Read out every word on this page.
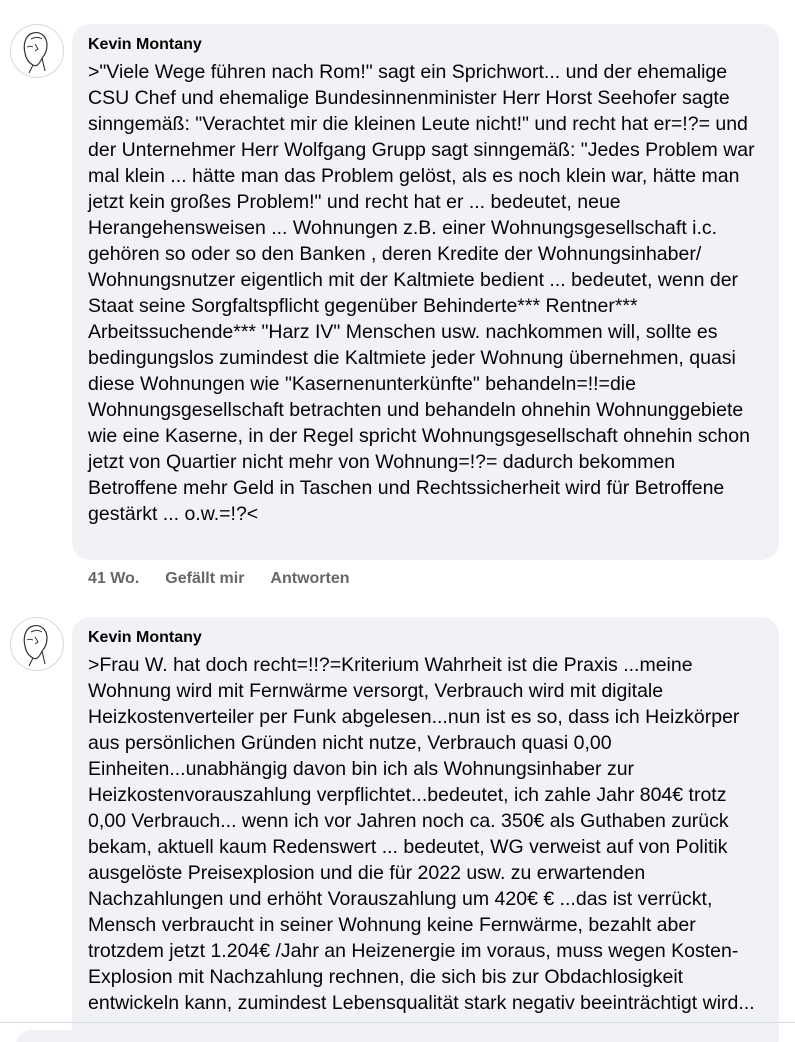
Kevin Montany
>"Viele Wege führen nach Rom!" sagt ein Sprichwort... und der ehemalige CSU Chef und ehemalige Bundesinnenminister Herr Horst Seehofer sagte sinngemäß: "Verachtet mir die kleinen Leute nicht!" und recht hat er=!?= und der Unternehmer Herr Wolfgang Grupp sagt sinngemäß: "Jedes Problem war mal klein ... hätte man das Problem gelöst, als es noch klein war, hätte man jetzt kein großes Problem!" und recht hat er ... bedeutet, neue Herangehensweisen ... Wohnungen z.B. einer Wohnungsgesellschaft i.c. gehören so oder so den Banken , deren Kredite der Wohnungsinhaber/ Wohnungsnutzer eigentlich mit der Kaltmiete bedient ... bedeutet, wenn der Staat seine Sorgfaltspflicht gegenüber Behinderte*** Rentner*** Arbeitssuchende*** "Harz IV" Menschen usw. nachkommen will, sollte es bedingungslos zumindest die Kaltmiete jeder Wohnung übernehmen, quasi diese Wohnungen wie "Kasernenunterkünfte" behandeln=!!=die Wohnungsgesellschaft betrachten und behandeln ohnehin Wohnunggebiete wie eine Kaserne, in der Regel spricht Wohnungsgesellschaft ohnehin schon jetzt von Quartier nicht mehr von Wohnung=!?= dadurch bekommen Betroffene mehr Geld in Taschen und Rechtssicherheit wird für Betroffene gestärkt ... o.w.=!?<
41 Wo. Gefällt mir Antworten
Kevin Montany
>Frau W. hat doch recht=!!?=Kriterium Wahrheit ist die Praxis ...meine Wohnung wird mit Fernwärme versorgt, Verbrauch wird mit digitale Heizkostenverteiler per Funk abgelesen...nun ist es so, dass ich Heizkörper aus persönlichen Gründen nicht nutze, Verbrauch quasi 0,00 Einheiten...unabhängig davon bin ich als Wohnungsinhaber zur Heizkostenvorauszahlung verpflichtet...bedeutet, ich zahle Jahr 804€ trotz 0,00 Verbrauch... wenn ich vor Jahren noch ca. 350€ als Guthaben zurück bekam, aktuell kaum Redenswert ... bedeutet, WG verweist auf von Politik ausgelöste Preisexplosion und die für 2022 usw. zu erwartenden Nachzahlungen und erhöht Vorauszahlung um 420€ € ...das ist verrückt, Mensch verbraucht in seiner Wohnung keine Fernwärme, bezahlt aber trotzdem jetzt 1.204€ /Jahr an Heizenergie im voraus, muss wegen Kosten- Explosion mit Nachzahlung rechnen, die sich bis zur Obdachlosigkeit entwickeln kann, zumindest Lebensqualität stark negativ beeinträchtigt wird...
